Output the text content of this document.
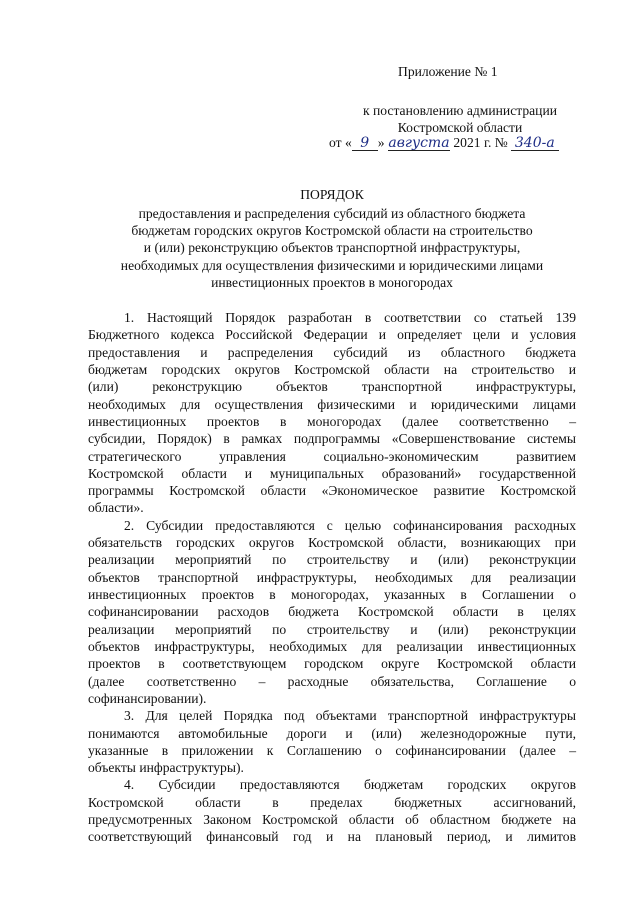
Приложение № 1
к постановлению администрации
Костромской области
от « 9 » августа 2021 г. № 340-а
ПОРЯДОК
предоставления и распределения субсидий из областного бюджета
бюджетам городских округов Костромской области на строительство
и (или) реконструкцию объектов транспортной инфраструктуры,
необходимых для осуществления физическими и юридическими лицами
инвестиционных проектов в моногородах
1. Настоящий Порядок разработан в соответствии со статьей 139
Бюджетного кодекса Российской Федерации и определяет цели и условия
предоставления и распределения субсидий из областного бюджета
бюджетам городских округов Костромской области на строительство и
(или) реконструкцию объектов транспортной инфраструктуры,
необходимых для осуществления физическими и юридическими лицами
инвестиционных проектов в моногородах (далее соответственно –
субсидии, Порядок) в рамках подпрограммы «Совершенствование системы
стратегического управления социально-экономическим развитием
Костромской области и муниципальных образований» государственной
программы Костромской области «Экономическое развитие Костромской
области».
2. Субсидии предоставляются с целью софинансирования расходных
обязательств городских округов Костромской области, возникающих при
реализации мероприятий по строительству и (или) реконструкции
объектов транспортной инфраструктуры, необходимых для реализации
инвестиционных проектов в моногородах, указанных в Соглашении о
софинансировании расходов бюджета Костромской области в целях
реализации мероприятий по строительству и (или) реконструкции
объектов инфраструктуры, необходимых для реализации инвестиционных
проектов в соответствующем городском округе Костромской области
(далее соответственно – расходные обязательства, Соглашение о
софинансировании).
3. Для целей Порядка под объектами транспортной инфраструктуры
понимаются автомобильные дороги и (или) железнодорожные пути,
указанные в приложении к Соглашению о софинансировании (далее –
объекты инфраструктуры).
4. Субсидии предоставляются бюджетам городских округов
Костромской области в пределах бюджетных ассигнований,
предусмотренных Законом Костромской области об областном бюджете на
соответствующий финансовый год и на плановый период, и лимитов
